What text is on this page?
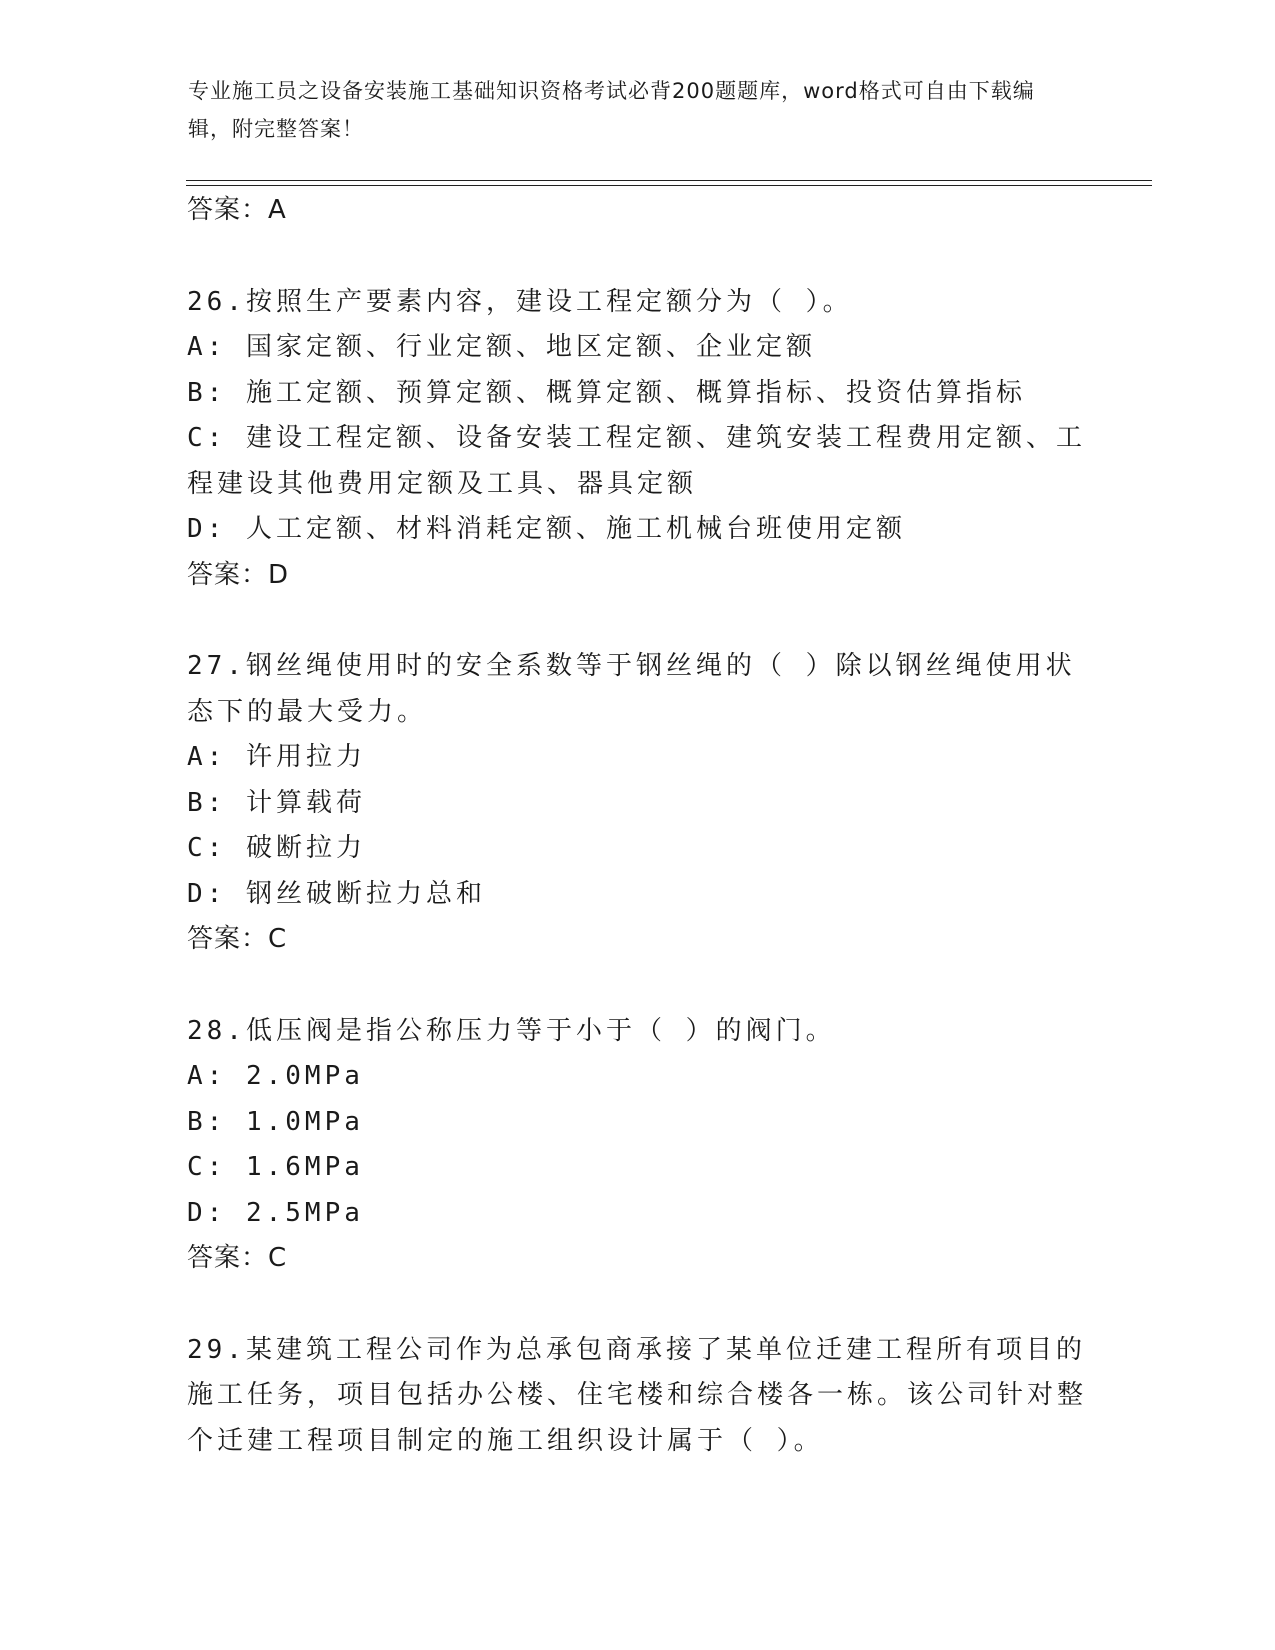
专业施工员之设备安装施工基础知识资格考试必背200题题库，word格式可自由下载编辑，附完整答案！
答案：A
26.按照生产要素内容，建设工程定额分为（ ）。
A: 国家定额、行业定额、地区定额、企业定额
B: 施工定额、预算定额、概算定额、概算指标、投资估算指标
C: 建设工程定额、设备安装工程定额、建筑安装工程费用定额、工程建设其他费用定额及工具、器具定额
D: 人工定额、材料消耗定额、施工机械台班使用定额
答案：D
27.钢丝绳使用时的安全系数等于钢丝绳的（ ）除以钢丝绳使用状态下的最大受力。
A: 许用拉力
B: 计算载荷
C: 破断拉力
D: 钢丝破断拉力总和
答案：C
28.低压阀是指公称压力等于小于（ ）的阀门。
A: 2.0MPa
B: 1.0MPa
C: 1.6MPa
D: 2.5MPa
答案：C
29.某建筑工程公司作为总承包商承接了某单位迁建工程所有项目的施工任务，项目包括办公楼、住宅楼和综合楼各一栋。该公司针对整个迁建工程项目制定的施工组织设计属于（ ）。
